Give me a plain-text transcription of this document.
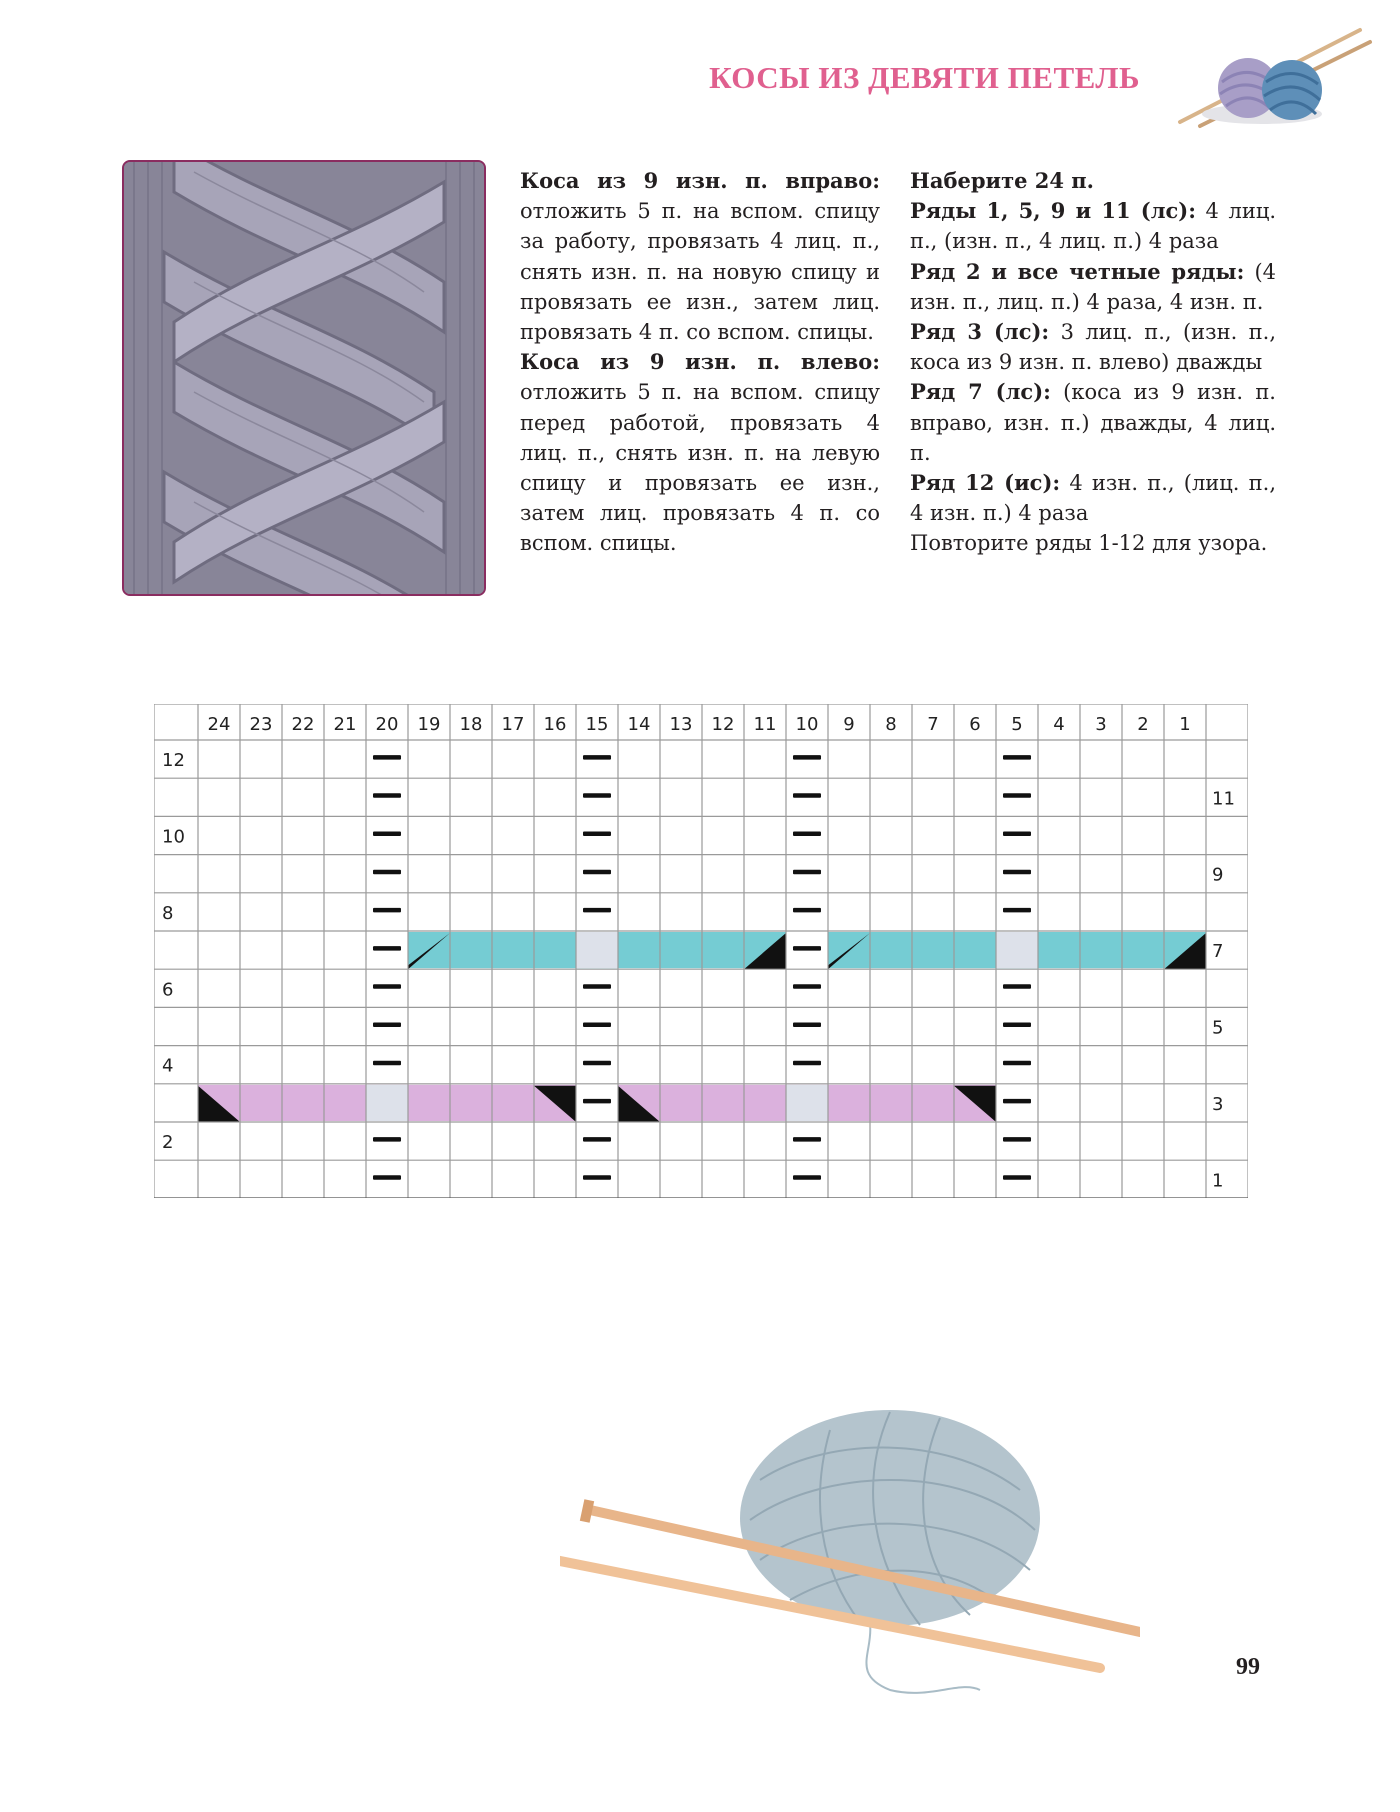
КОСЫ ИЗ ДЕВЯТИ ПЕТЕЛЬ

Коса из 9 изн. п. вправо: отложить 5 п. на вспом. спицу за работу, провязать 4 лиц. п., снять изн. п. на новую спицу и провязать ее изн., затем лиц. провязать 4 п. со вспом. спицы.

Коса из 9 изн. п. влево: отложить 5 п. на вспом. спицу перед работой, провязать 4 лиц. п., снять изн. п. на левую спицу и провязать ее изн., затем лиц. провязать 4 п. со вспом. спицы.

Наберите 24 п.

Ряды 1, 5, 9 и 11 (лс): 4 лиц. п., (изн. п., 4 лиц. п.) 4 раза

Ряд 2 и все четные ряды: (4 изн. п., лиц. п.) 4 раза, 4 изн. п.

Ряд 3 (лс): 3 лиц. п., (изн. п., коса из 9 изн. п. влево) дважды

Ряд 7 (лс): (коса из 9 изн. п. вправо, изн. п.) дважды, 4 лиц. п.

Ряд 12 (ис): 4 изн. п., (лиц. п., 4 изн. п.) 4 раза

Повторите ряды 1-12 для узора.

24 23 22 21 20 19 18 17 16 15 14 13 12 11 10 9 8 7 6 5 4 3 2 1
12
10
8
6
4
2
11
9
7
5
3
1
99
